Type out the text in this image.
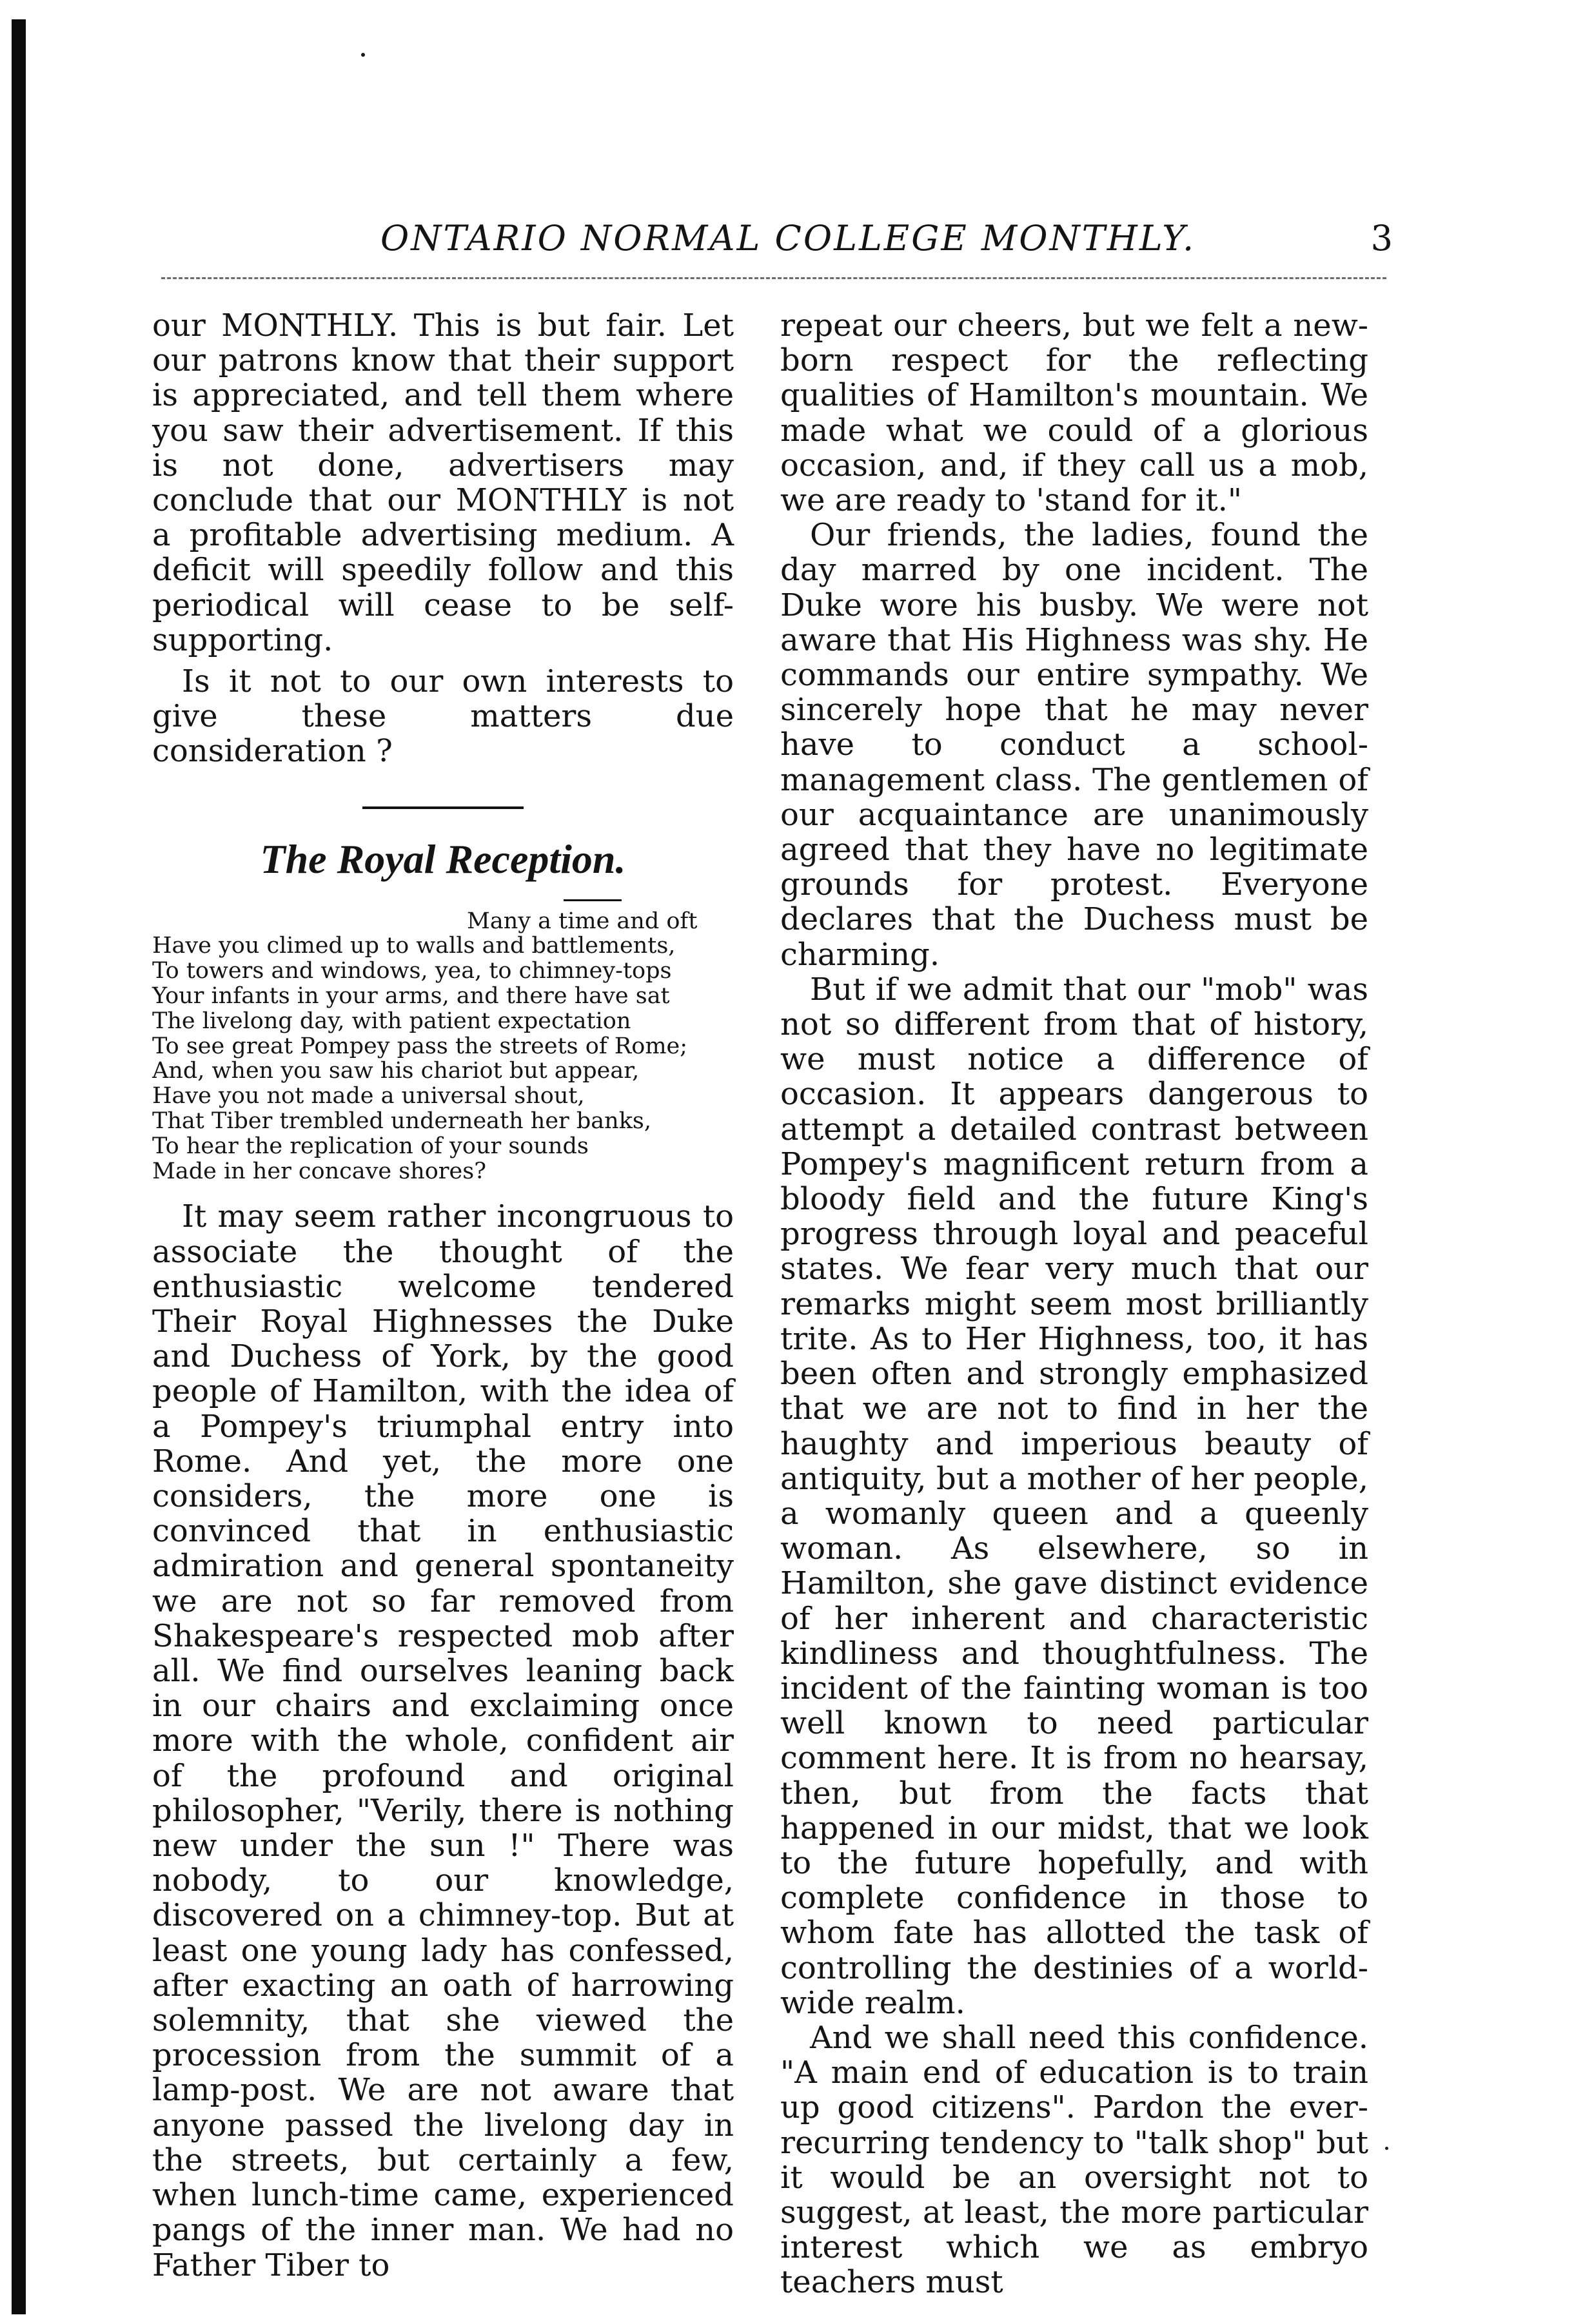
ONTARIO NORMAL COLLEGE MONTHLY.	3

our MONTHLY. This is but fair. Let our patrons know that their support is appreciated, and tell them where you saw their advertisement. If this is not done, advertisers may conclude that our MONTHLY is not a profitable advertising medium. A deficit will speedily follow and this periodical will cease to be self-supporting.

Is it not to our own interests to give these matters due consideration ?

The Royal Reception.
Many a time and oft
Have you climed up to walls and battlements,
To towers and windows, yea, to chimney-tops
Your infants in your arms, and there have sat
The livelong day, with patient expectation
To see great Pompey pass the streets of Rome;
And, when you saw his chariot but appear,
Have you not made a universal shout,
That Tiber trembled underneath her banks,
To hear the replication of your sounds
Made in her concave shores?

It may seem rather incongruous to associate the thought of the enthusiastic welcome tendered Their Royal Highnesses the Duke and Duchess of York, by the good people of Hamilton, with the idea of a Pompey's triumphal entry into Rome. And yet, the more one considers, the more one is convinced that in enthusiastic admiration and general spontaneity we are not so far removed from Shakespeare's respected mob after all. We find ourselves leaning back in our chairs and exclaiming once more with the whole, confident air of the profound and original philosopher, "Verily, there is nothing new under the sun !" There was nobody, to our knowledge, discovered on a chimney-top. But at least one young lady has confessed, after exacting an oath of harrowing solemnity, that she viewed the procession from the summit of a lamp-post. We are not aware that anyone passed the livelong day in the streets, but certainly a few, when lunch-time came, experienced pangs of the inner man. We had no Father Tiber to

repeat our cheers, but we felt a new-born respect for the reflecting qualities of Hamilton's mountain. We made what we could of a glorious occasion, and, if they call us a mob, we are ready to 'stand for it."

Our friends, the ladies, found the day marred by one incident. The Duke wore his busby. We were not aware that His Highness was shy. He commands our entire sympathy. We sincerely hope that he may never have to conduct a school-management class. The gentlemen of our acquaintance are unanimously agreed that they have no legitimate grounds for protest. Everyone declares that the Duchess must be charming.

But if we admit that our "mob" was not so different from that of history, we must notice a difference of occasion. It appears dangerous to attempt a detailed contrast between Pompey's magnificent return from a bloody field and the future King's progress through loyal and peaceful states. We fear very much that our remarks might seem most brilliantly trite. As to Her Highness, too, it has been often and strongly emphasized that we are not to find in her the haughty and imperious beauty of antiquity, but a mother of her people, a womanly queen and a queenly woman. As elsewhere, so in Hamilton, she gave distinct evidence of her inherent and characteristic kindliness and thoughtfulness. The incident of the fainting woman is too well known to need particular comment here. It is from no hearsay, then, but from the facts that happened in our midst, that we look to the future hopefully, and with complete confidence in those to whom fate has allotted the task of controlling the destinies of a world-wide realm.

And we shall need this confidence. "A main end of education is to train up good citizens". Pardon the ever-recurring tendency to "talk shop" but it would be an oversight not to suggest, at least, the more particular interest which we as embryo teachers must
